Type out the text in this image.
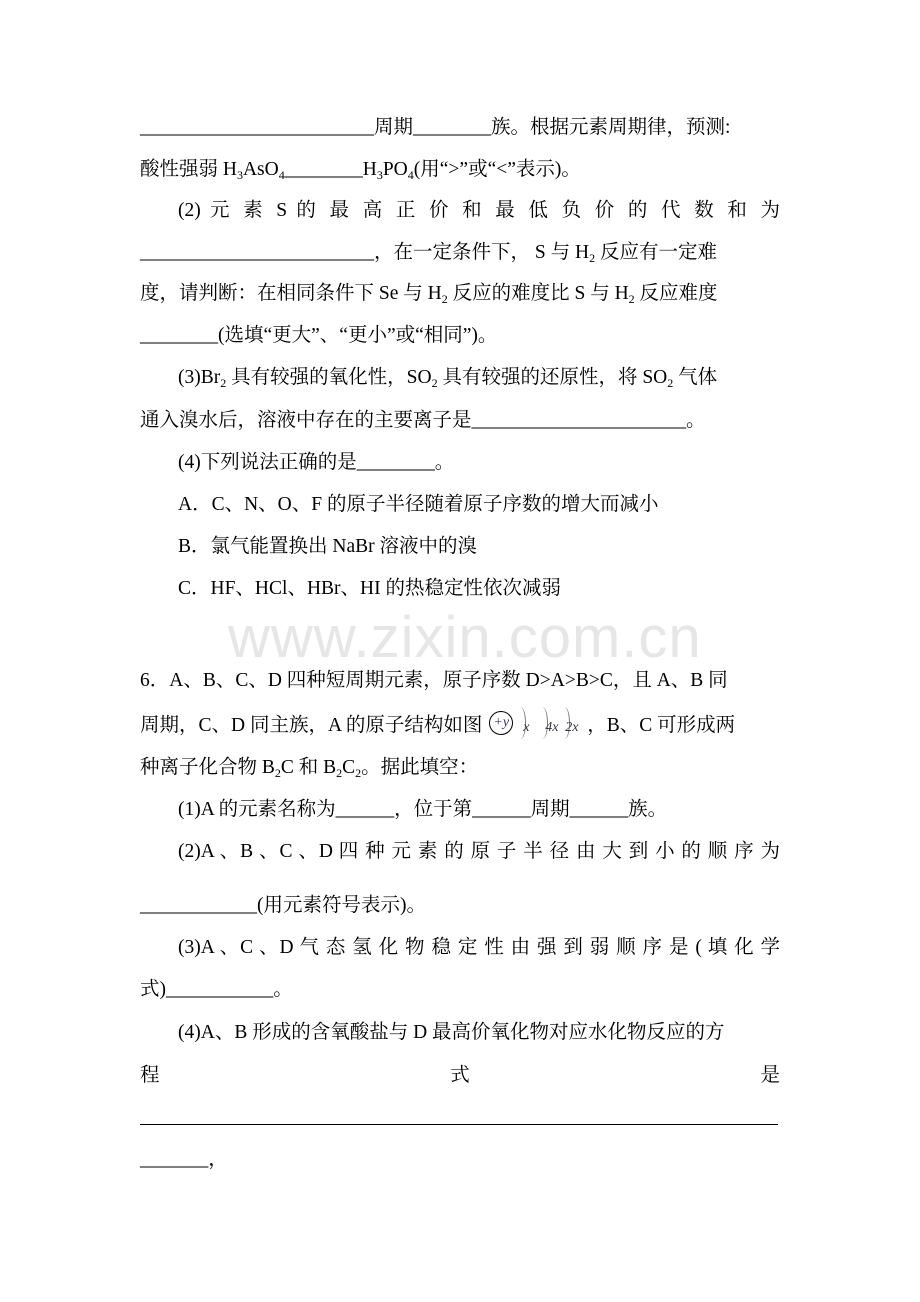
www.zixin.com.cn
________________________周期________族。根据元素周期律，预测:
酸性强弱 $H_3AsO_4\_\_\_\_\_\_\_\_H_3PO_4$(用“>”或“<”表示)。
(2) 元 素 S 的 最 高 正 价 和 最 低 负 价 的 代 数 和 为
________________________，在一定条件下， S 与 $H_2$ 反应有一定难
度，请判断：在相同条件下 Se 与 $H_2$ 反应的难度比 S 与 $H_2$ 反应难度
________(选填“更大”、“更小”或“相同”)。
$(3)Br_2$ 具有较强的氧化性，$SO_2$ 具有较强的还原性，将 $SO_2$ 气体
通入溴水后，溶液中存在的主要离子是______________________。
(4)下列说法正确的是________。
A．C、N、O、F 的原子半径随着原子序数的增大而减小
B．氯气能置换出 NaBr 溶液中的溴
C．HF、HCl、HBr、HI 的热稳定性依次减弱
6．A、B、C、D 四种短周期元素，原子序数 D>A>B>C，且 A、B 同
周期，C、D 同主族，A 的原子结构如图 +y x 4x 2x ，B、C 可形成两
种离子化合物 $B_2C$ 和 $B_2C_2$。据此填空：
(1)A 的元素名称为______，位于第______周期______族。
(2)A 、B 、C 、D 四 种 元 素 的 原 子 半 径 由 大 到 小 的 顺 序 为
____________(用元素符号表示)。
(3)A 、C 、D 气 态 氢 化 物 稳 定 性 由 强 到 弱 顺 序 是 ( 填 化 学
式)___________。
(4)A、B 形成的含氧酸盐与 D 最高价氧化物对应水化物反应的方
程 式 是
_______，
